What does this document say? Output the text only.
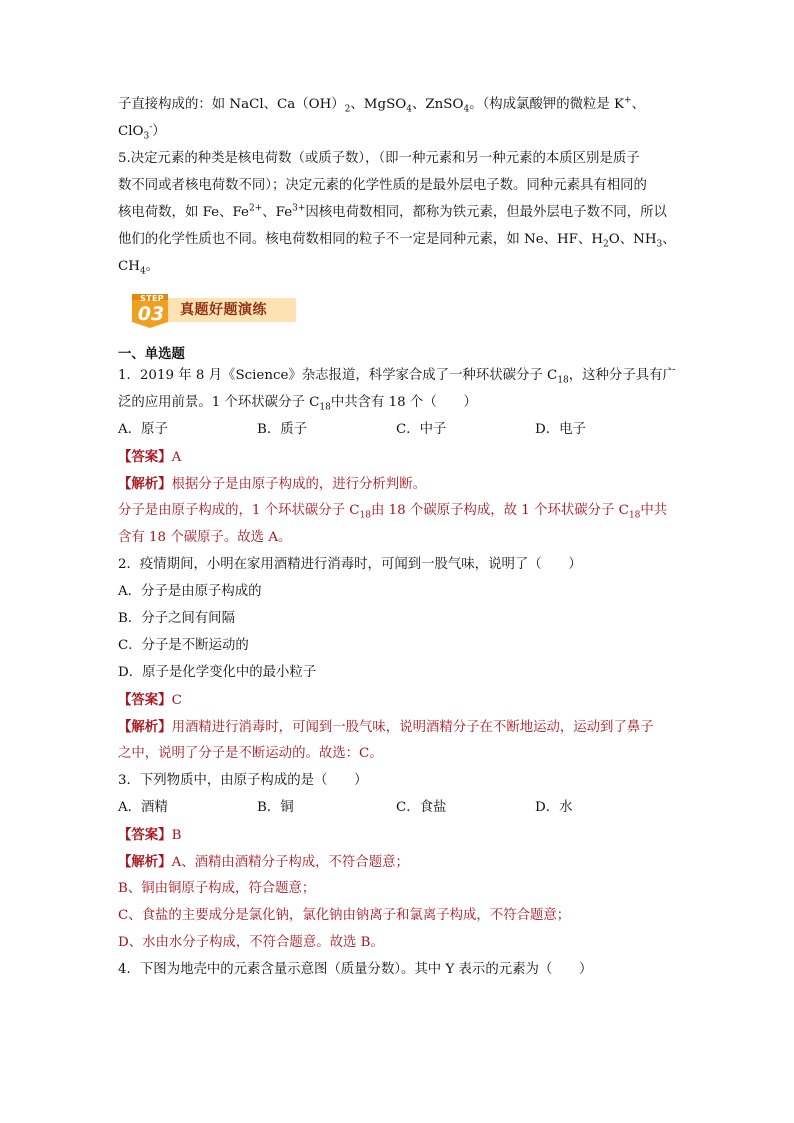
子直接构成的：如 NaCl、$Ca(OH)_2$、MgSO$_4$、ZnSO$_4$。（构成氯酸钾的微粒是 K+、
ClO$_3$-）
5.决定元素的种类是核电荷数（或质子数），（即一种元素和另一种元素的本质区别是质子
数不同或者核电荷数不同）；决定元素的化学性质的是最外层电子数。同种元素具有相同的
核电荷数，如 Fe、$Fe^{2+}$、$Fe^{3+}$因核电荷数相同，都称为铁元素，但最外层电子数不同，所以
他们的化学性质也不同。核电荷数相同的粒子不一定是同种元素，如 Ne、HF、$H_2O$、$NH_3$、
$CH_4$。
STEP
03 真题好题演练
一、单选题
1．2019 年 8 月《Science》杂志报道，科学家合成了一种环状碳分子 $C_{18}$，这种分子具有广
泛的应用前景。1 个环状碳分子 $C_{18}$中共含有 18 个（　　）
A．原子	B．质子	C．中子	D．电子
【答案】A
【解析】根据分子是由原子构成的，进行分析判断。
分子是由原子构成的，1 个环状碳分子 $C_{18}$由 18 个碳原子构成，故 1 个环状碳分子 $C_{18}$中共
含有 18 个碳原子。故选 A。
2．疫情期间，小明在家用酒精进行消毒时，可闻到一股气味，说明了（　　）
A．分子是由原子构成的
B．分子之间有间隔
C．分子是不断运动的
D．原子是化学变化中的最小粒子
【答案】C
【解析】用酒精进行消毒时，可闻到一股气味，说明酒精分子在不断地运动，运动到了鼻子
之中，说明了分子是不断运动的。故选：C。
3．下列物质中，由原子构成的是（　　）
A．酒精	B．铜	C．食盐	D．水
【答案】B
【解析】A、酒精由酒精分子构成，不符合题意；
B、铜由铜原子构成，符合题意；
C、食盐的主要成分是氯化钠，氯化钠由钠离子和氯离子构成，不符合题意；
D、水由水分子构成，不符合题意。故选 B。
4．下图为地壳中的元素含量示意图（质量分数）。其中 Y 表示的元素为（　　）
